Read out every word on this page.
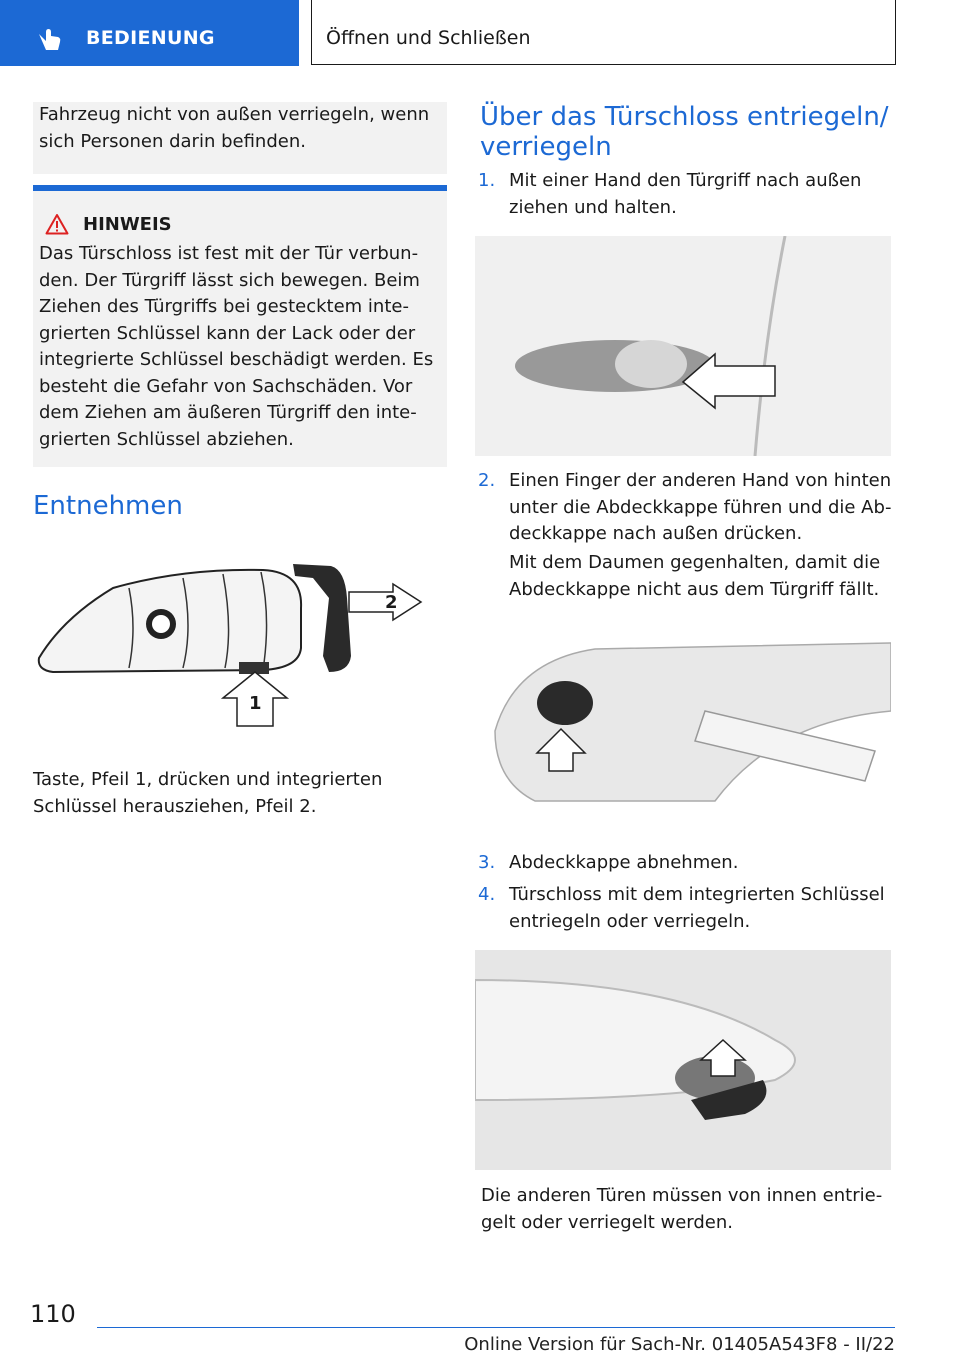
BEDIENUNG	Öffnen und Schließen

Fahrzeug nicht von außen verriegeln, wenn sich Personen darin befinden.

HINWEIS

Das Türschloss ist fest mit der Tür verbunden. Der Türgriff lässt sich bewegen. Beim Ziehen des Türgriffs bei gestecktem integrierten Schlüssel kann der Lack oder der integrierte Schlüssel beschädigt werden. Es besteht die Gefahr von Sachschäden. Vor dem Ziehen am äußeren Türgriff den integrierten Schlüssel abziehen.

Entnehmen
2
1

Taste, Pfeil 1, drücken und integrierten Schlüssel herausziehen, Pfeil 2.

Über das Türschloss entriegeln/
verriegeln
1. Mit einer Hand den Türgriff nach außen ziehen und halten.
2. Einen Finger der anderen Hand von hinten unter die Abdeckkappe führen und die Abdeckkappe nach außen drücken.
Mit dem Daumen gegenhalten, damit die Abdeckkappe nicht aus dem Türgriff fällt.
3. Abdeckkappe abnehmen.
4. Türschloss mit dem integrierten Schlüssel entriegeln oder verriegeln.

Die anderen Türen müssen von innen entriegelt oder verriegelt werden.

110
Online Version für Sach-Nr. 01405A543F8 - II/22
